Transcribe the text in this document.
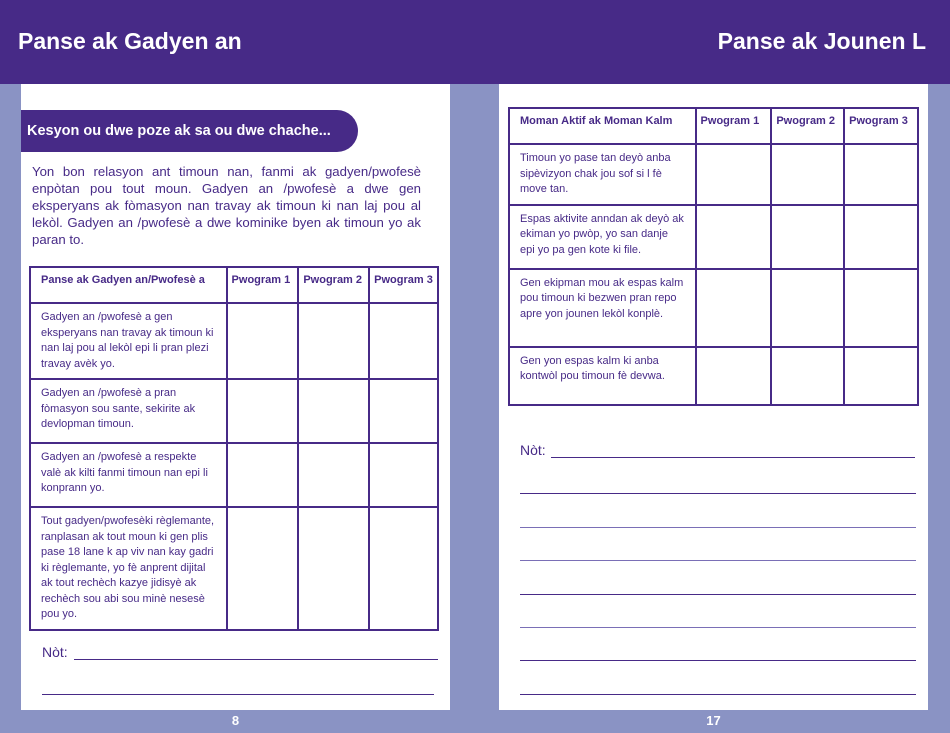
Panse ak Gadyen an	Panse ak Jounen L
Kesyon ou dwe poze ak sa ou dwe chache...

Yon bon relasyon ant timoun nan, fanmi ak gadyen/pwofesè enpòtan pou tout moun. Gadyen an /pwofesè a dwe gen eksperyans ak fòmasyon nan travay ak timoun ki nan laj pou al lekòl. Gadyen an /pwofesè a dwe kominike byen ak timoun yo ak paran to.

Panse ak Gadyen an/Pwofesè a	Pwogram 1	Pwogram 2	Pwogram 3
Gadyen an /pwofesè a gen eksperyans nan travay ak timoun ki nan laj pou al lekòl epi li pran plezi travay avèk yo.			
Gadyen an /pwofesè a pran fòmasyon sou sante, sekirite ak devlopman timoun.			
Gadyen an /pwofesè a respekte valè ak kilti fanmi timoun nan epi li konprann yo.			
Tout gadyen/pwofesèki règlemante, ranplasan ak tout moun ki gen plis pase 18 lane k ap viv nan kay gadri ki règlemante, yo fè anprent dijital ak tout rechèch kazye jidisyè ak rechèch sou abi sou minè nesesè pou yo.			
Nòt:
8
Moman Aktif ak Moman Kalm	Pwogram 1	Pwogram 2	Pwogram 3
Timoun yo pase tan deyò anba sipèvizyon chak jou sof si l fè move tan.			
Espas aktivite anndan ak deyò ak ekiman yo pwòp, yo san danje epi yo pa gen kote ki file.			
Gen ekipman mou ak espas kalm pou timoun ki bezwen pran repo apre yon jounen lekòl konplè.			
Gen yon espas kalm ki anba kontwòl pou timoun fè devwa.			
Nòt:
17
